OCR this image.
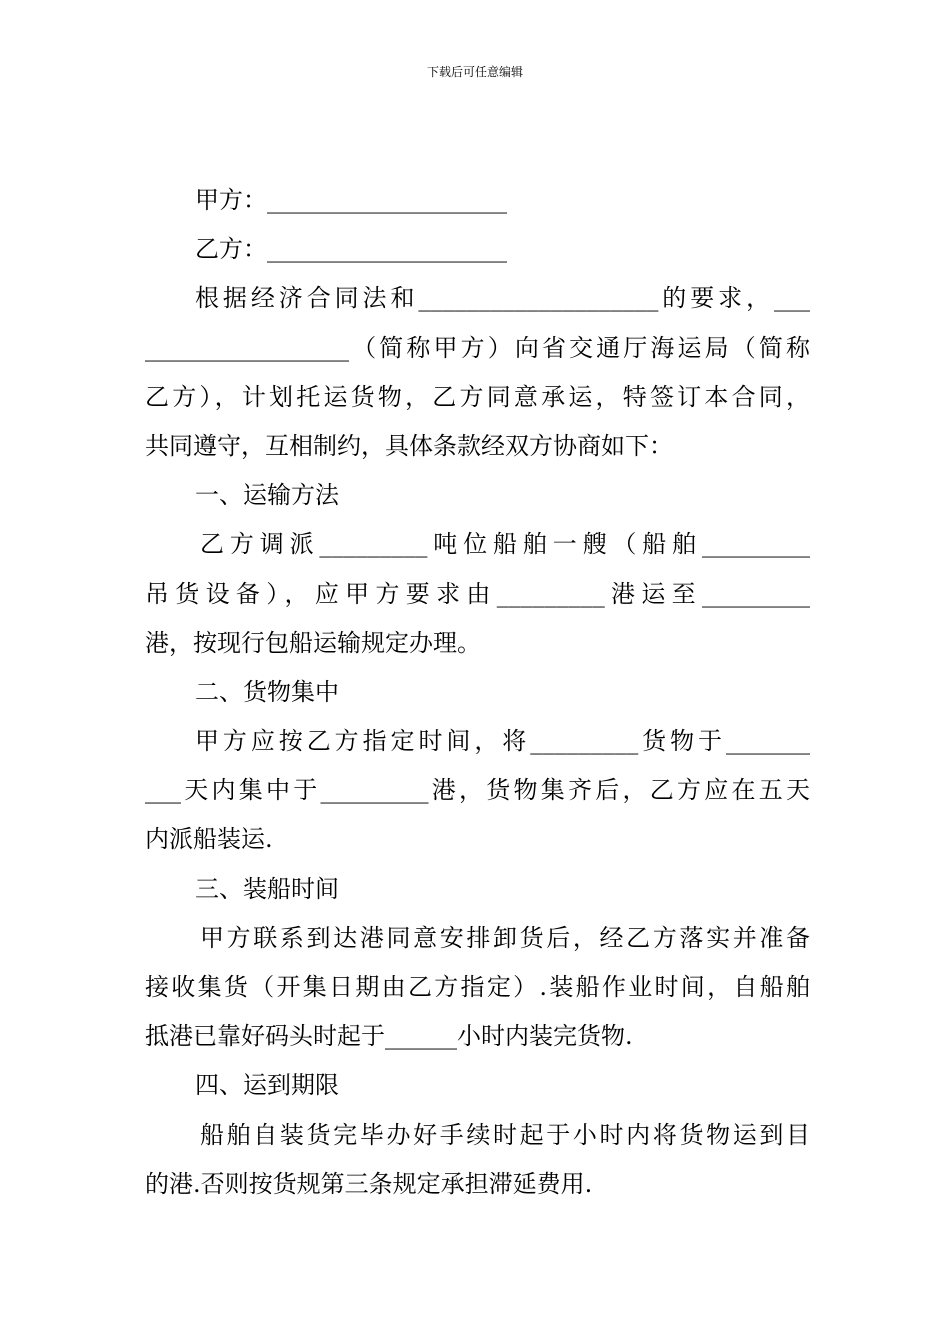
下载后可任意编辑
甲方：____________________
乙方：____________________
根据经济合同法和____________________的要求，___
_________________（简称甲方）向省交通厅海运局（简称
乙方），计划托运货物，乙方同意承运，特签订本合同，
共同遵守，互相制约，具体条款经双方协商如下：
一、运输方法
乙方调派_________吨位船舶一艘（船舶_________
吊货设备），应甲方要求由_________港运至_________
港，按现行包船运输规定办理。
二、货物集中
甲方应按乙方指定时间，将_________货物于_______
___天内集中于_________港，货物集齐后，乙方应在五天
内派船装运.
三、装船时间
甲方联系到达港同意安排卸货后，经乙方落实并准备
接收集货（开集日期由乙方指定）.装船作业时间，自船舶
抵港已靠好码头时起于______小时内装完货物.
四、运到期限
船舶自装货完毕办好手续时起于小时内将货物运到目
的港.否则按货规第三条规定承担滞延费用.
